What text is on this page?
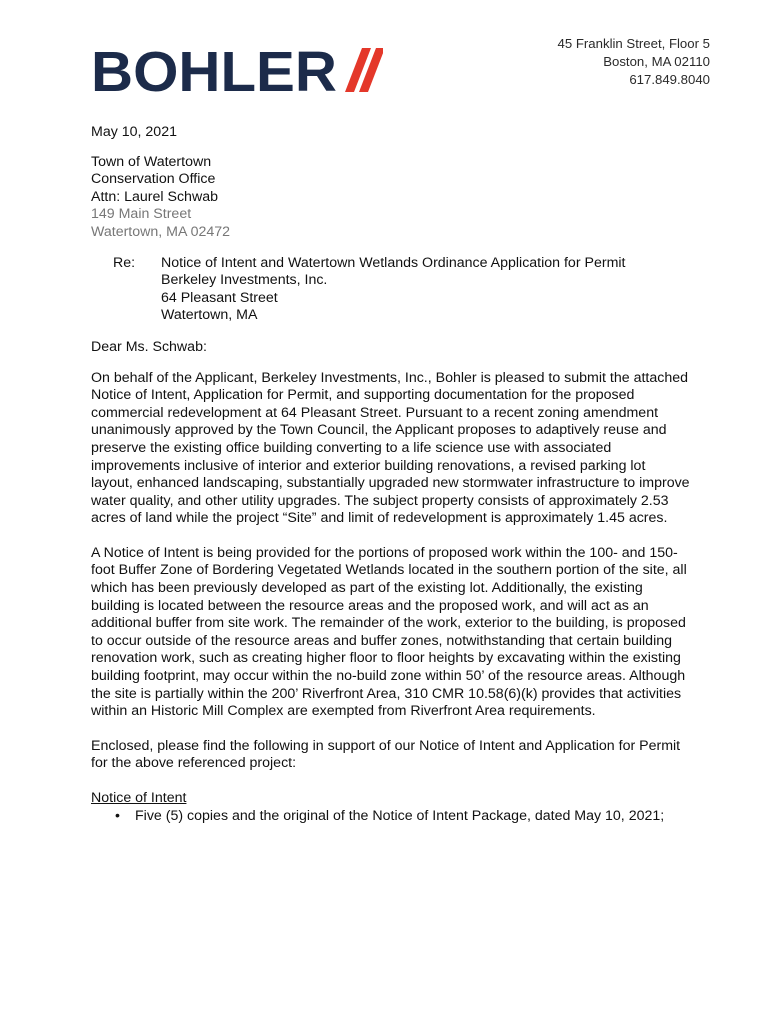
BOHLER	45 Franklin Street, Floor 5
Boston, MA 02110
617.849.8040
May 10, 2021
Town of Watertown
Conservation Office
Attn: Laurel Schwab
149 Main Street
Watertown, MA 02472
Re:	Notice of Intent and Watertown Wetlands Ordinance Application for Permit
Berkeley Investments, Inc.
64 Pleasant Street
Watertown, MA
Dear Ms. Schwab:

On behalf of the Applicant, Berkeley Investments, Inc., Bohler is pleased to submit the attached Notice of Intent, Application for Permit, and supporting documentation for the proposed commercial redevelopment at 64 Pleasant Street. Pursuant to a recent zoning amendment unanimously approved by the Town Council, the Applicant proposes to adaptively reuse and preserve the existing office building converting to a life science use with associated improvements inclusive of interior and exterior building renovations, a revised parking lot layout, enhanced landscaping, substantially upgraded new stormwater infrastructure to improve water quality, and other utility upgrades. The subject property consists of approximately 2.53 acres of land while the project “Site” and limit of redevelopment is approximately 1.45 acres.

A Notice of Intent is being provided for the portions of proposed work within the 100- and 150-foot Buffer Zone of Bordering Vegetated Wetlands located in the southern portion of the site, all which has been previously developed as part of the existing lot. Additionally, the existing building is located between the resource areas and the proposed work, and will act as an additional buffer from site work. The remainder of the work, exterior to the building, is proposed to occur outside of the resource areas and buffer zones, notwithstanding that certain building renovation work, such as creating higher floor to floor heights by excavating within the existing building footprint, may occur within the no-build zone within 50’ of the resource areas. Although the site is partially within the 200’ Riverfront Area, 310 CMR 10.58(6)(k) provides that activities within an Historic Mill Complex are exempted from Riverfront Area requirements.

Enclosed, please find the following in support of our Notice of Intent and Application for Permit for the above referenced project:

Notice of Intent
• Five (5) copies and the original of the Notice of Intent Package, dated May 10, 2021;
